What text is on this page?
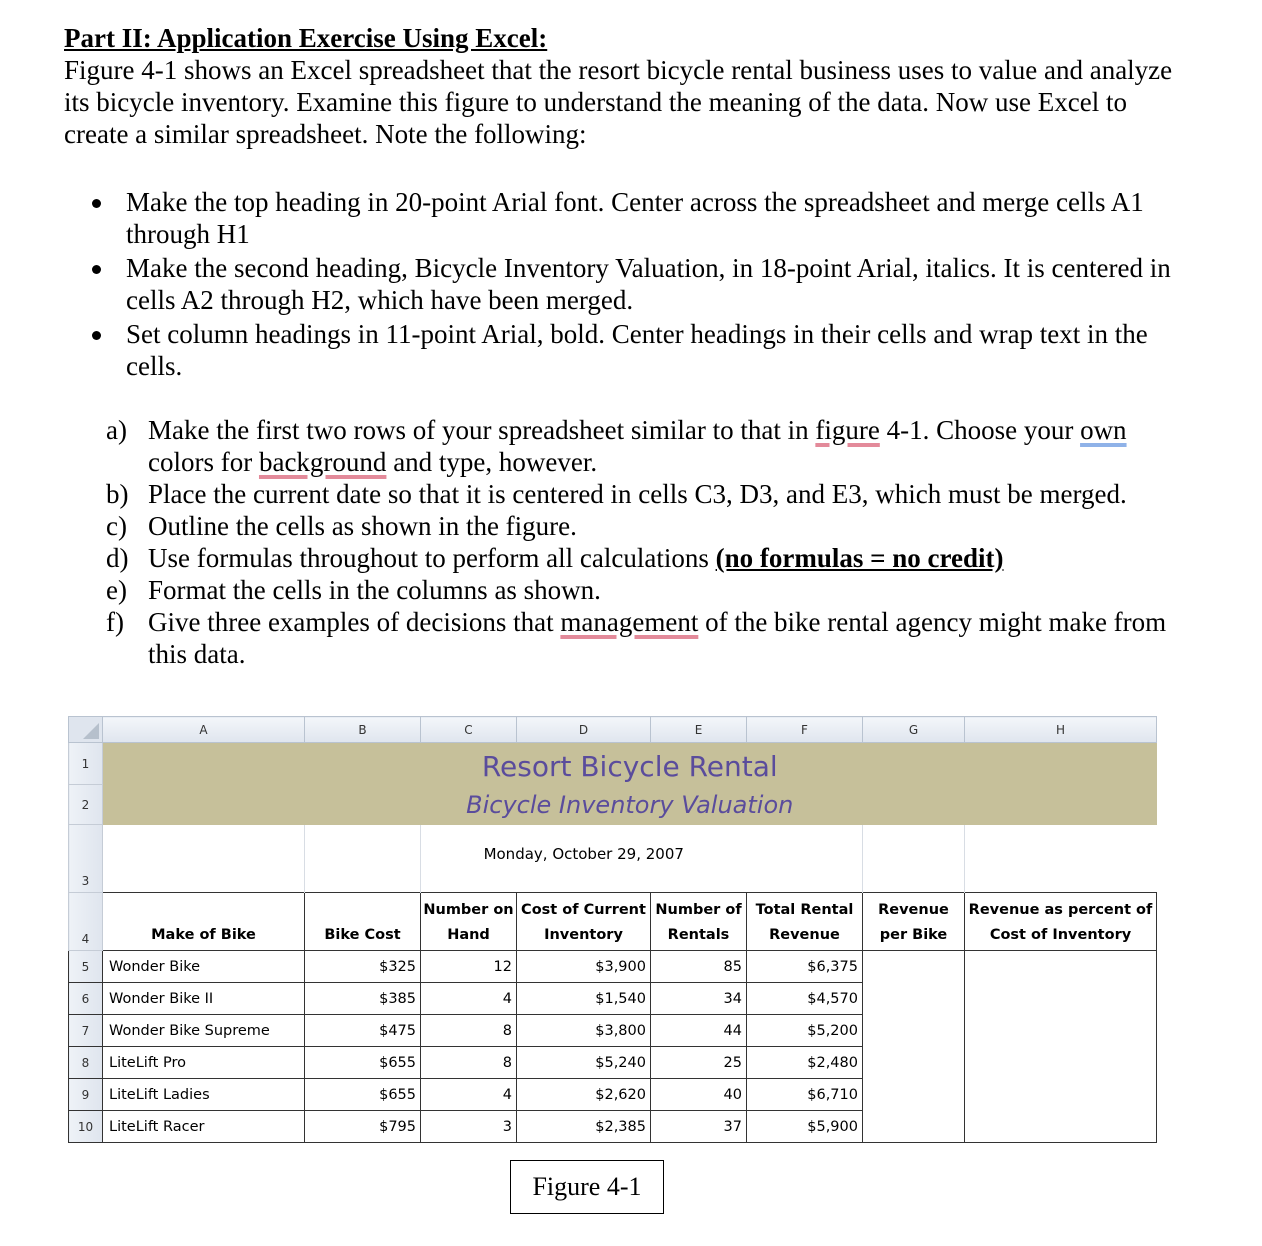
Part II: Application Exercise Using Excel:
Figure 4-1 shows an Excel spreadsheet that the resort bicycle rental business uses to value and analyze its bicycle inventory. Examine this figure to understand the meaning of the data. Now use Excel to create a similar spreadsheet. Note the following:
Make the top heading in 20-point Arial font. Center across the spreadsheet and merge cells A1 through H1
Make the second heading, Bicycle Inventory Valuation, in 18-point Arial, italics. It is centered in cells A2 through H2, which have been merged.
Set column headings in 11-point Arial, bold. Center headings in their cells and wrap text in the cells.
a) Make the first two rows of your spreadsheet similar to that in figure 4-1. Choose your own colors for background and type, however.
b) Place the current date so that it is centered in cells C3, D3, and E3, which must be merged.
c) Outline the cells as shown in the figure.
d) Use formulas throughout to perform all calculations (no formulas = no credit)
e) Format the cells in the columns as shown.
f) Give three examples of decisions that management of the bike rental agency might make from this data.
	A	B	C	D	E	F	G	H
1	Resort Bicycle Rental							
2	Bicycle Inventory Valuation							
3			Monday, October 29, 2007					
4	Make of Bike	Bike Cost	Number on Hand	Cost of Current Inventory	Number of Rentals	Total Rental Revenue	Revenue per Bike	Revenue as percent of Cost of Inventory
5	Wonder Bike	$325	12	$3,900	85	$6,375		
6	Wonder Bike II	$385	4	$1,540	34	$4,570		
7	Wonder Bike Supreme	$475	8	$3,800	44	$5,200		
8	LiteLift Pro	$655	8	$5,240	25	$2,480		
9	LiteLift Ladies	$655	4	$2,620	40	$6,710		
10	LiteLift Racer	$795	3	$2,385	37	$5,900		
Figure 4-1
